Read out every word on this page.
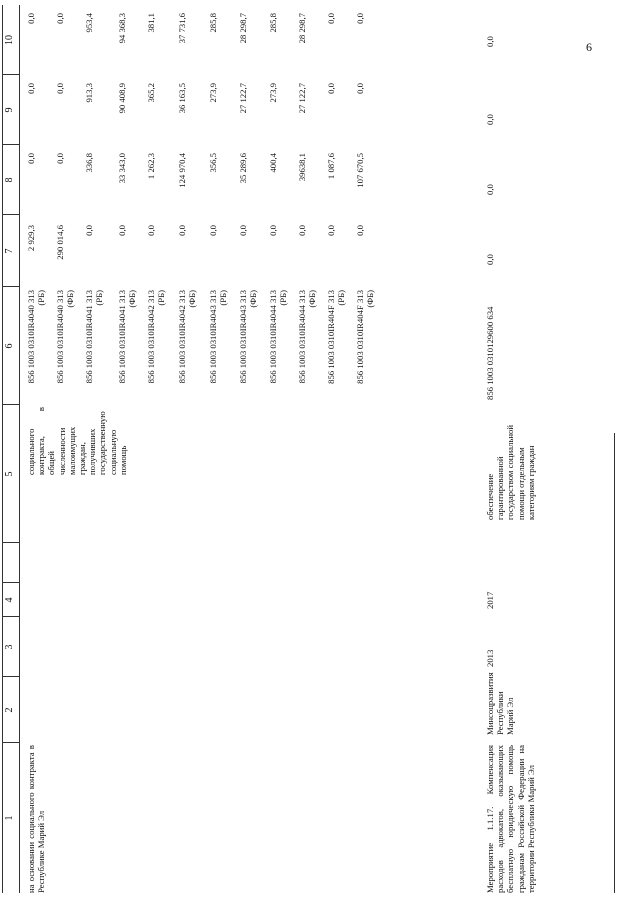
6
1
2
3
4
5
6
7
8
9
10
на основании социального контракта в Республике Марий Эл
социального контракта, в общей численности малоимущих граждан, получивших государственную социальную помощь
856 1003 0310IR4040 313 (РБ)
2 929,3
0,0
0,0
0,0
856 1003 0310IR4040 313 (ФБ)
290 014,6
0,0
0,0
0,0
856 1003 0310IR4041 313 (РБ)
0,0
336,8
913,3
953,4
856 1003 0310IR4041 313 (ФБ)
0,0
33 343,0
90 408,9
94 368,3
856 1003 0310IR4042 313 (РБ)
0,0
1 262,3
365,2
381,1
856 1003 0310IR4042 313 (ФБ)
0,0
124 970,4
36 163,5
37 731,6
856 1003 0310IR4043 313 (РБ)
0,0
356,5
273,9
285,8
856 1003 0310IR4043 313 (ФБ)
0,0
35 289,6
27 122,7
28 298,7
856 1003 0310IR4044 313 (РБ)
0,0
400,4
273,9
285,8
856 1003 0310IR4044 313 (ФБ)
0,0
39638,1
27 122,7
28 298,7
856 1003 0310IR404F 313 (РБ)
0,0
1 087,6
0,0
0,0
856 1003 0310IR404F 313 (ФБ)
0,0
107 670,5
0,0
0,0
Мероприятие 1.1.17. Компенсация расходов адвокатов, оказывающих бесплатную юридическую помощь гражданам Российской Федерации на территории Республики Марий Эл
Минсоцразвития Республики Марий Эл
2013
2017
обеспечение гарантированной государством социальной помощи отдельным категориям граждан
856 1003 0310129600 634
0,0
0,0
0,0
0,0
